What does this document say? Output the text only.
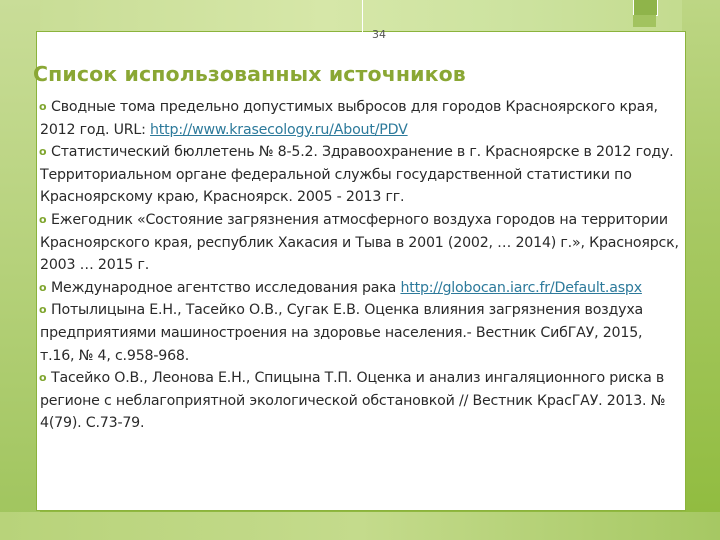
34
Список использованных источников

o Сводные тома предельно допустимых выбросов для городов Красноярского края, 2012 год. URL: http://www.krasecology.ru/About/PDV

o Статистический бюллетень № 8-5.2. Здравоохранение в г. Красноярске в 2012 году. Территориальном органе федеральной службы государственной статистики по Красноярскому краю, Красноярск. 2005 - 2013 гг.

o Ежегодник «Состояние загрязнения атмосферного воздуха городов на территории Красноярского края, республик Хакасия и Тыва в 2001 (2002, … 2014) г.», Красноярск, 2003 … 2015 г.

o Международное агентство исследования рака http://globocan.iarc.fr/Default.aspx

o Потылицына Е.Н., Тасейко О.В., Сугак Е.В. Оценка влияния загрязнения воздуха предприятиями машиностроения на здоровье населения.- Вестник СибГАУ, 2015, т.16, № 4, с.958-968.

o Тасейко О.В., Леонова Е.Н., Спицына Т.П. Оценка и анализ ингаляционного риска в регионе с неблагоприятной экологической обстановкой // Вестник КрасГАУ. 2013. № 4(79). С.73-79.
